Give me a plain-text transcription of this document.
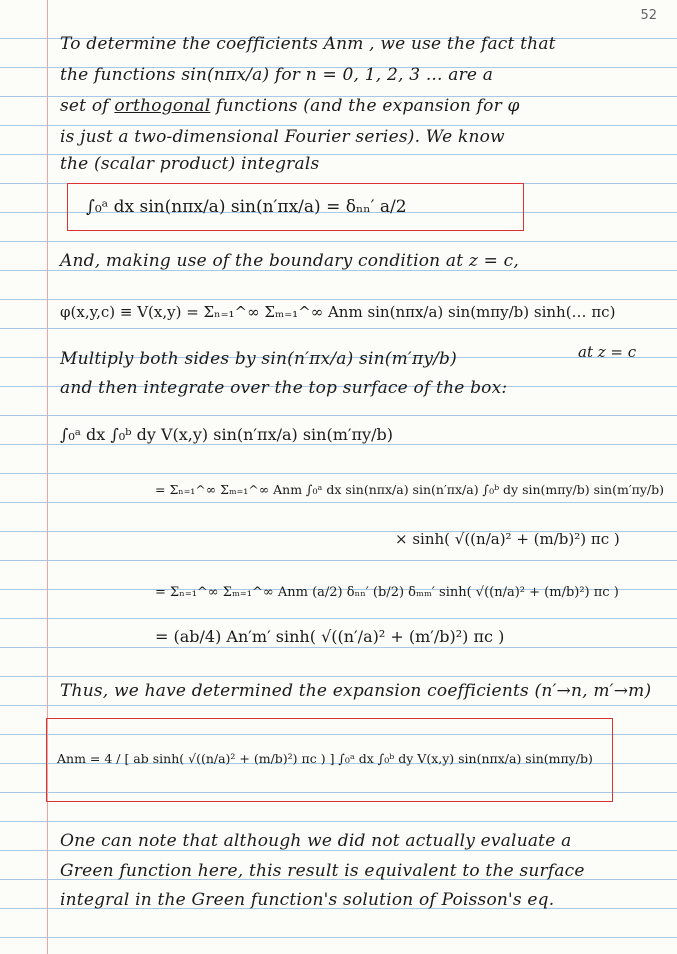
52
To determine the coefficients Anm , we use the fact that
the functions sin(nπx/a) for n = 0, 1, 2, 3 ... are a
set of orthogonal functions (and the expansion for φ
is just a two-dimensional Fourier series). We know
the (scalar product) integrals
∫₀ᵃ dx sin(nπx/a) sin(n′πx/a) = δₙₙ′ a/2
And, making use of the boundary condition at z = c,
φ(x,y,c) ≡ V(x,y) = Σₙ₌₁^∞ Σₘ₌₁^∞ Anm sin(nπx/a) sin(mπy/b) sinh(… πc)
at z = c
Multiply both sides by sin(n′πx/a) sin(m′πy/b)
and then integrate over the top surface of the box:
∫₀ᵃ dx ∫₀ᵇ dy V(x,y) sin(n′πx/a) sin(m′πy/b)
= Σₙ₌₁^∞ Σₘ₌₁^∞ Anm ∫₀ᵃ dx sin(nπx/a) sin(n′πx/a) ∫₀ᵇ dy sin(mπy/b) sin(m′πy/b)
× sinh( √((n/a)² + (m/b)²) πc )
= Σₙ₌₁^∞ Σₘ₌₁^∞ Anm (a/2) δₙₙ′ (b/2) δₘₘ′ sinh( √((n/a)² + (m/b)²) πc )
= (ab/4) An′m′ sinh( √((n′/a)² + (m′/b)²) πc )
Thus, we have determined the expansion coefficients (n′→n, m′→m)
Anm = 4 / [ ab sinh( √((n/a)² + (m/b)²) πc ) ] ∫₀ᵃ dx ∫₀ᵇ dy V(x,y) sin(nπx/a) sin(mπy/b)
One can note that although we did not actually evaluate a
Green function here, this result is equivalent to the surface
integral in the Green function's solution of Poisson's eq.
